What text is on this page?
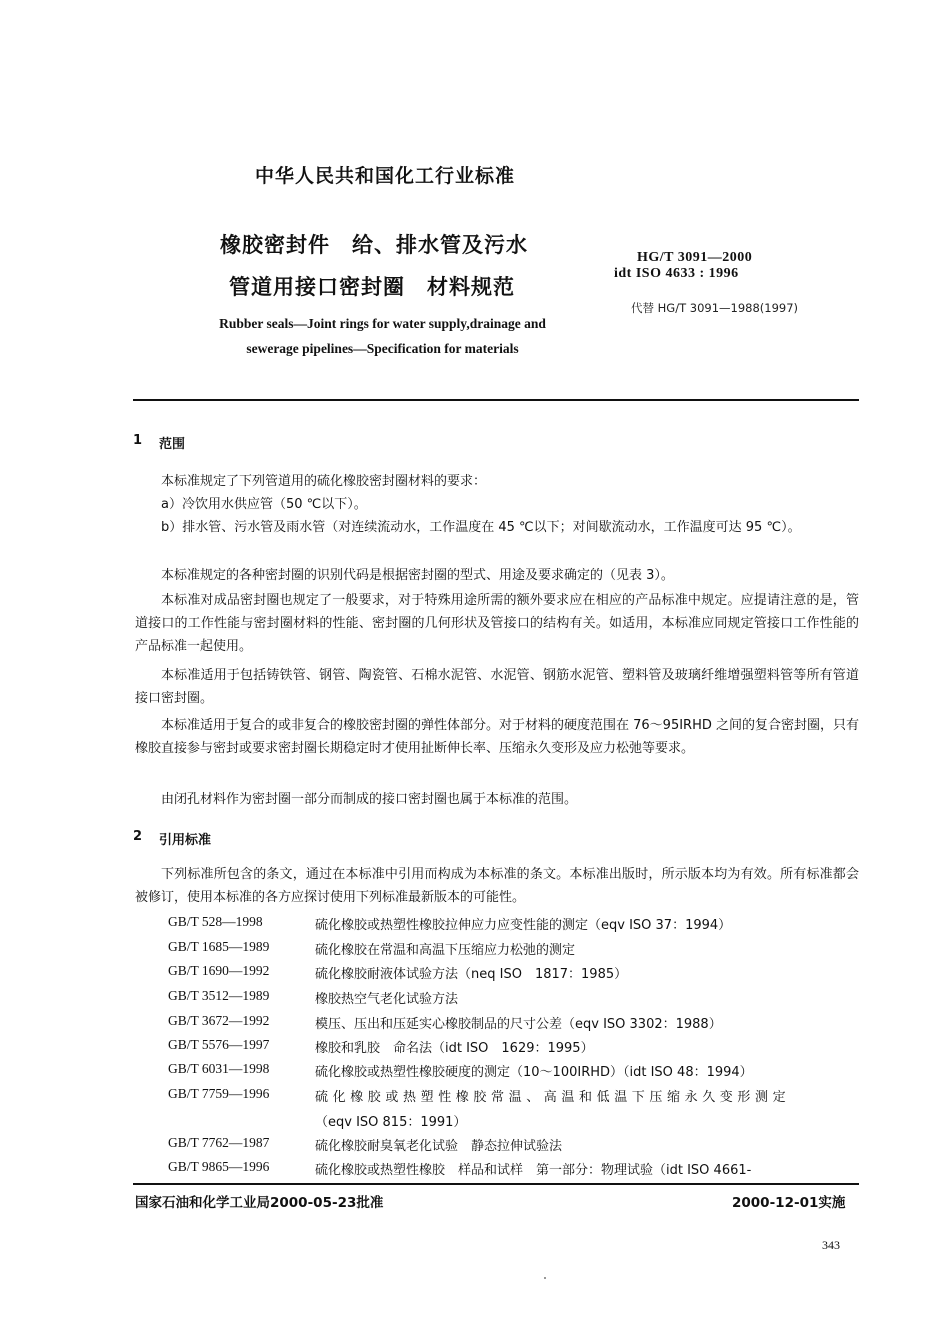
中华人民共和国化工行业标准
橡胶密封件　给、排水管及污水
管道用接口密封圈　材料规范
HG/T 3091—2000
idt ISO 4633 : 1996
代替 HG/T 3091—1988(1997)
Rubber seals—Joint rings for water supply,drainage and
sewerage pipelines—Specification for materials
1 范围
本标准规定了下列管道用的硫化橡胶密封圈材料的要求：
a）冷饮用水供应管（50 ℃以下）。
b）排水管、污水管及雨水管（对连续流动水，工作温度在 45 ℃以下；对间歇流动水，工作温度可达 95 ℃）。
本标准规定的各种密封圈的识别代码是根据密封圈的型式、用途及要求确定的（见表 3）。
本标准对成品密封圈也规定了一般要求，对于特殊用途所需的额外要求应在相应的产品标准中规定。应提请注意的是，管道接口的工作性能与密封圈材料的性能、密封圈的几何形状及管接口的结构有关。如适用，本标准应同规定管接口工作性能的产品标准一起使用。
本标准适用于包括铸铁管、钢管、陶瓷管、石棉水泥管、水泥管、钢筋水泥管、塑料管及玻璃纤维增强塑料管等所有管道接口密封圈。
本标准适用于复合的或非复合的橡胶密封圈的弹性体部分。对于材料的硬度范围在 76～95IRHD 之间的复合密封圈，只有橡胶直接参与密封或要求密封圈长期稳定时才使用扯断伸长率、压缩永久变形及应力松弛等要求。
由闭孔材料作为密封圈一部分而制成的接口密封圈也属于本标准的范围。
2 引用标准
下列标准所包含的条文，通过在本标准中引用而构成为本标准的条文。本标准出版时，所示版本均为有效。所有标准都会被修订，使用本标准的各方应探讨使用下列标准最新版本的可能性。
GB/T 528—1998	硫化橡胶或热塑性橡胶拉伸应力应变性能的测定（eqv ISO 37：1994）
GB/T 1685—1989	硫化橡胶在常温和高温下压缩应力松弛的测定
GB/T 1690—1992	硫化橡胶耐液体试验方法（neq ISO　1817：1985）
GB/T 3512—1989	橡胶热空气老化试验方法
GB/T 3672—1992	模压、压出和压延实心橡胶制品的尺寸公差（eqv ISO 3302：1988）
GB/T 5576—1997	橡胶和乳胶　命名法（idt ISO　1629：1995）
GB/T 6031—1998	硫化橡胶或热塑性橡胶硬度的测定（10～100IRHD）（idt ISO 48：1994）
GB/T 7759—1996	硫化橡胶或热塑性橡胶常温、高温和低温下压缩永久变形测定
（eqv ISO 815：1991）
GB/T 7762—1987	硫化橡胶耐臭氧老化试验　静态拉伸试验法
GB/T 9865—1996	硫化橡胶或热塑性橡胶　样品和试样　第一部分：物理试验（idt ISO 4661-
国家石油和化学工业局2000-05-23批准	2000-12-01实施
343
